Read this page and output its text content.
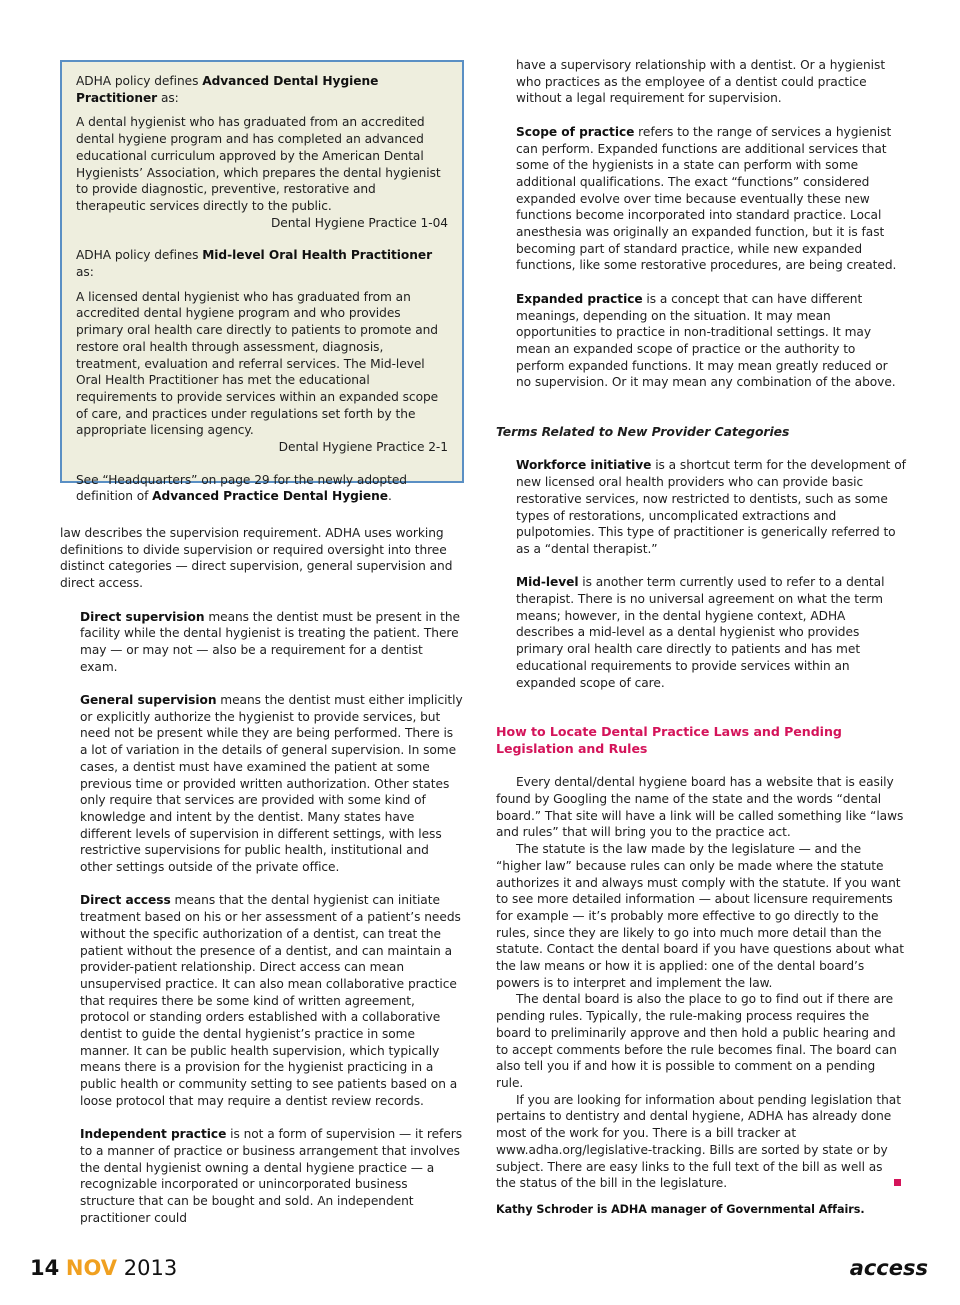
ADHA policy defines Advanced Dental Hygiene Practitioner as:

A dental hygienist who has graduated from an accredited dental hygiene program and has completed an advanced educational curriculum approved by the American Dental Hygienists’ Association, which prepares the dental hygienist to provide diagnostic, preventive, restorative and therapeutic services directly to the public.

Dental Hygiene Practice 1-04

ADHA policy defines Mid-level Oral Health Practitioner as:

A licensed dental hygienist who has graduated from an accredited dental hygiene program and who provides primary oral health care directly to patients to promote and restore oral health through assessment, diagnosis, treatment, evaluation and referral services. The Mid-level Oral Health Practitioner has met the educational requirements to provide services within an expanded scope of care, and practices under regulations set forth by the appropriate licensing agency.

Dental Hygiene Practice 2-1

See “Headquarters” on page 29 for the newly adopted definition of Advanced Practice Dental Hygiene.

law describes the supervision requirement. ADHA uses working definitions to divide supervision or required oversight into three distinct categories — direct supervision, general supervision and direct access.

Direct supervision means the dentist must be present in the facility while the dental hygienist is treating the patient. There may — or may not — also be a requirement for a dentist exam.

General supervision means the dentist must either implicitly or explicitly authorize the hygienist to provide services, but need not be present while they are being performed. There is a lot of variation in the details of general supervision. In some cases, a dentist must have examined the patient at some previous time or provided written authorization. Other states only require that services are provided with some kind of knowledge and intent by the dentist. Many states have different levels of supervision in different settings, with less restrictive supervisions for public health, institutional and other settings outside of the private office.

Direct access means that the dental hygienist can initiate treatment based on his or her assessment of a patient’s needs without the specific authorization of a dentist, can treat the patient without the presence of a dentist, and can maintain a provider-patient relationship. Direct access can mean unsupervised practice. It can also mean collaborative practice that requires there be some kind of written agreement, protocol or standing orders established with a collaborative dentist to guide the dental hygienist’s practice in some manner. It can be public health supervision, which typically means there is a provision for the hygienist practicing in a public health or community setting to see patients based on a loose protocol that may require a dentist review records.

Independent practice is not a form of supervision — it refers to a manner of practice or business arrangement that involves the dental hygienist owning a dental hygiene practice — a recognizable incorporated or unincorporated business structure that can be bought and sold. An independent practitioner could

have a supervisory relationship with a dentist. Or a hygienist who practices as the employee of a dentist could practice without a legal requirement for supervision.

Scope of practice refers to the range of services a hygienist can perform. Expanded functions are additional services that some of the hygienists in a state can perform with some additional qualifications. The exact “functions” considered expanded evolve over time because eventually these new functions become incorporated into standard practice. Local anesthesia was originally an expanded function, but it is fast becoming part of standard practice, while new expanded functions, like some restorative procedures, are being created.

Expanded practice is a concept that can have different meanings, depending on the situation. It may mean opportunities to practice in non-traditional settings. It may mean an expanded scope of practice or the authority to perform expanded functions. It may mean greatly reduced or no supervision. Or it may mean any combination of the above.

Terms Related to New Provider Categories

Workforce initiative is a shortcut term for the development of new licensed oral health providers who can provide basic restorative services, now restricted to dentists, such as some types of restorations, uncomplicated extractions and pulpotomies. This type of practitioner is generically referred to as a “dental therapist.”

Mid-level is another term currently used to refer to a dental therapist. There is no universal agreement on what the term means; however, in the dental hygiene context, ADHA describes a mid-level as a dental hygienist who provides primary oral health care directly to patients and has met educational requirements to provide services within an expanded scope of care.

How to Locate Dental Practice Laws and Pending Legislation and Rules

Every dental/dental hygiene board has a website that is easily found by Googling the name of the state and the words “dental board.” That site will have a link will be called something like “laws and rules” that will bring you to the practice act.

The statute is the law made by the legislature — and the “higher law” because rules can only be made where the statute authorizes it and always must comply with the statute. If you want to see more detailed information — about licensure requirements for example — it’s probably more effective to go directly to the rules, since they are likely to go into much more detail than the statute. Contact the dental board if you have questions about what the law means or how it is applied: one of the dental board’s powers is to interpret and implement the law.

The dental board is also the place to go to find out if there are pending rules. Typically, the rule-making process requires the board to preliminarily approve and then hold a public hearing and to accept comments before the rule becomes final. The board can also tell you if and how it is possible to comment on a pending rule.

If you are looking for information about pending legislation that pertains to dentistry and dental hygiene, ADHA has already done most of the work for you. There is a bill tracker at www.adha.org/legislative-tracking. Bills are sorted by state or by subject. There are easy links to the full text of the bill as well as the status of the bill in the legislature.

Kathy Schroder is ADHA manager of Governmental Affairs.

14 NOV 2013	access
